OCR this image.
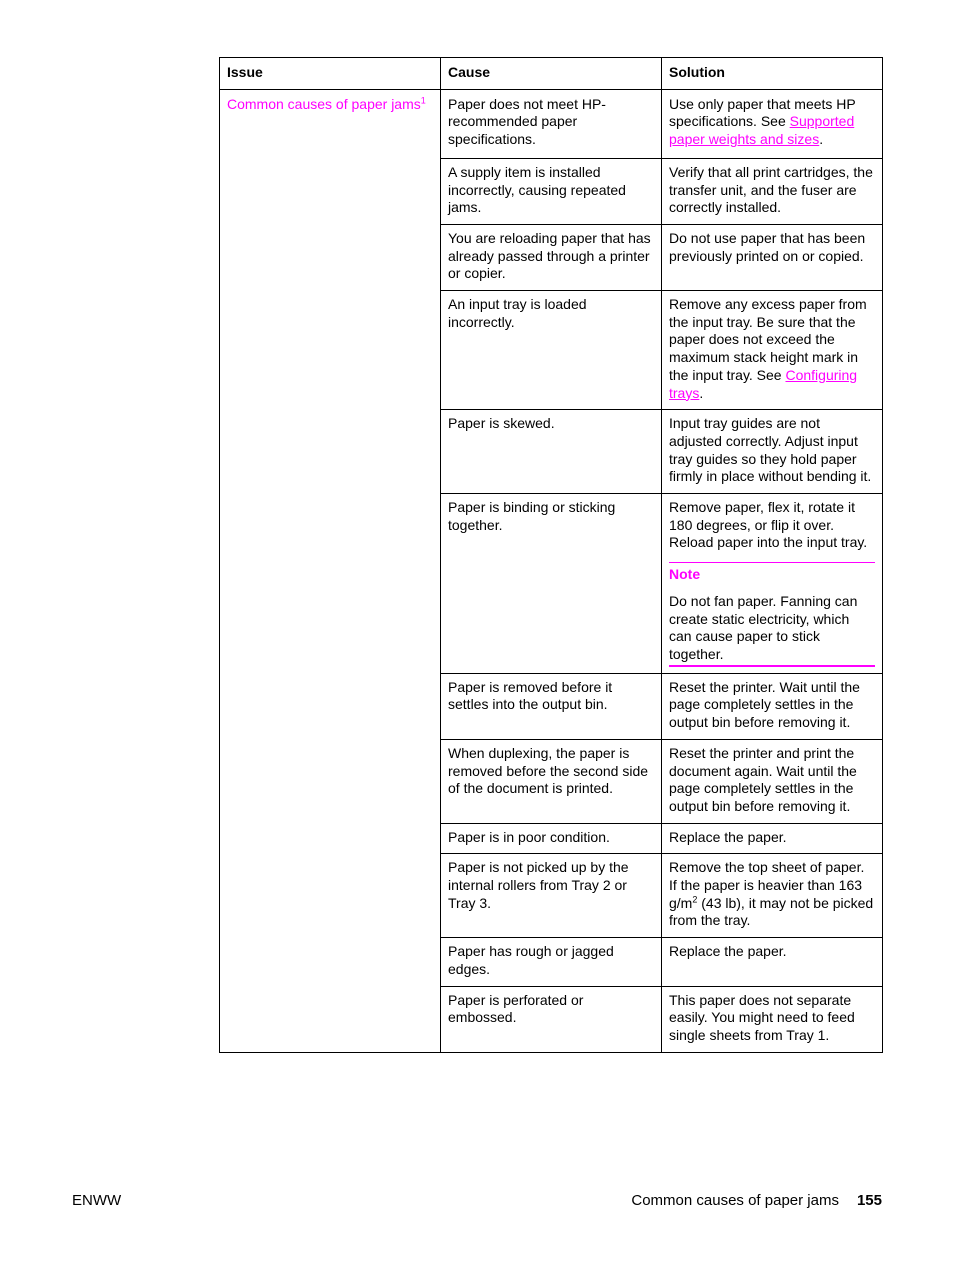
Issue	Cause	Solution
Common causes of paper jams$^1$	Paper does not meet HP-recommended paper specifications.	Use only paper that meets HP specifications. See Supported paper weights and sizes.
	A supply item is installed incorrectly, causing repeated jams.	Verify that all print cartridges, the transfer unit, and the fuser are correctly installed.
	You are reloading paper that has already passed through a printer or copier.	Do not use paper that has been previously printed on or copied.
	An input tray is loaded incorrectly.	Remove any excess paper from the input tray. Be sure that the paper does not exceed the maximum stack height mark in the input tray. See Configuring trays.
	Paper is skewed.	Input tray guides are not adjusted correctly. Adjust input tray guides so they hold paper firmly in place without bending it.
	Paper is binding or sticking together.	Remove paper, flex it, rotate it 180 degrees, or flip it over. Reload paper into the input tray.
Note
Do not fan paper. Fanning can create static electricity, which can cause paper to stick together.

	Paper is removed before it settles into the output bin.	Reset the printer. Wait until the page completely settles in the output bin before removing it.
	When duplexing, the paper is removed before the second side of the document is printed.	Reset the printer and print the document again. Wait until the page completely settles in the output bin before removing it.
	Paper is in poor condition.	Replace the paper.
	Paper is not picked up by the internal rollers from Tray 2 or Tray 3.	Remove the top sheet of paper. If the paper is heavier than 163 $g/m^2$ (43 lb), it may not be picked from the tray.
	Paper has rough or jagged edges.	Replace the paper.
	Paper is perforated or embossed.	This paper does not separate easily. You might need to feed single sheets from Tray 1.
ENWW	Common causes of paper jams 155
